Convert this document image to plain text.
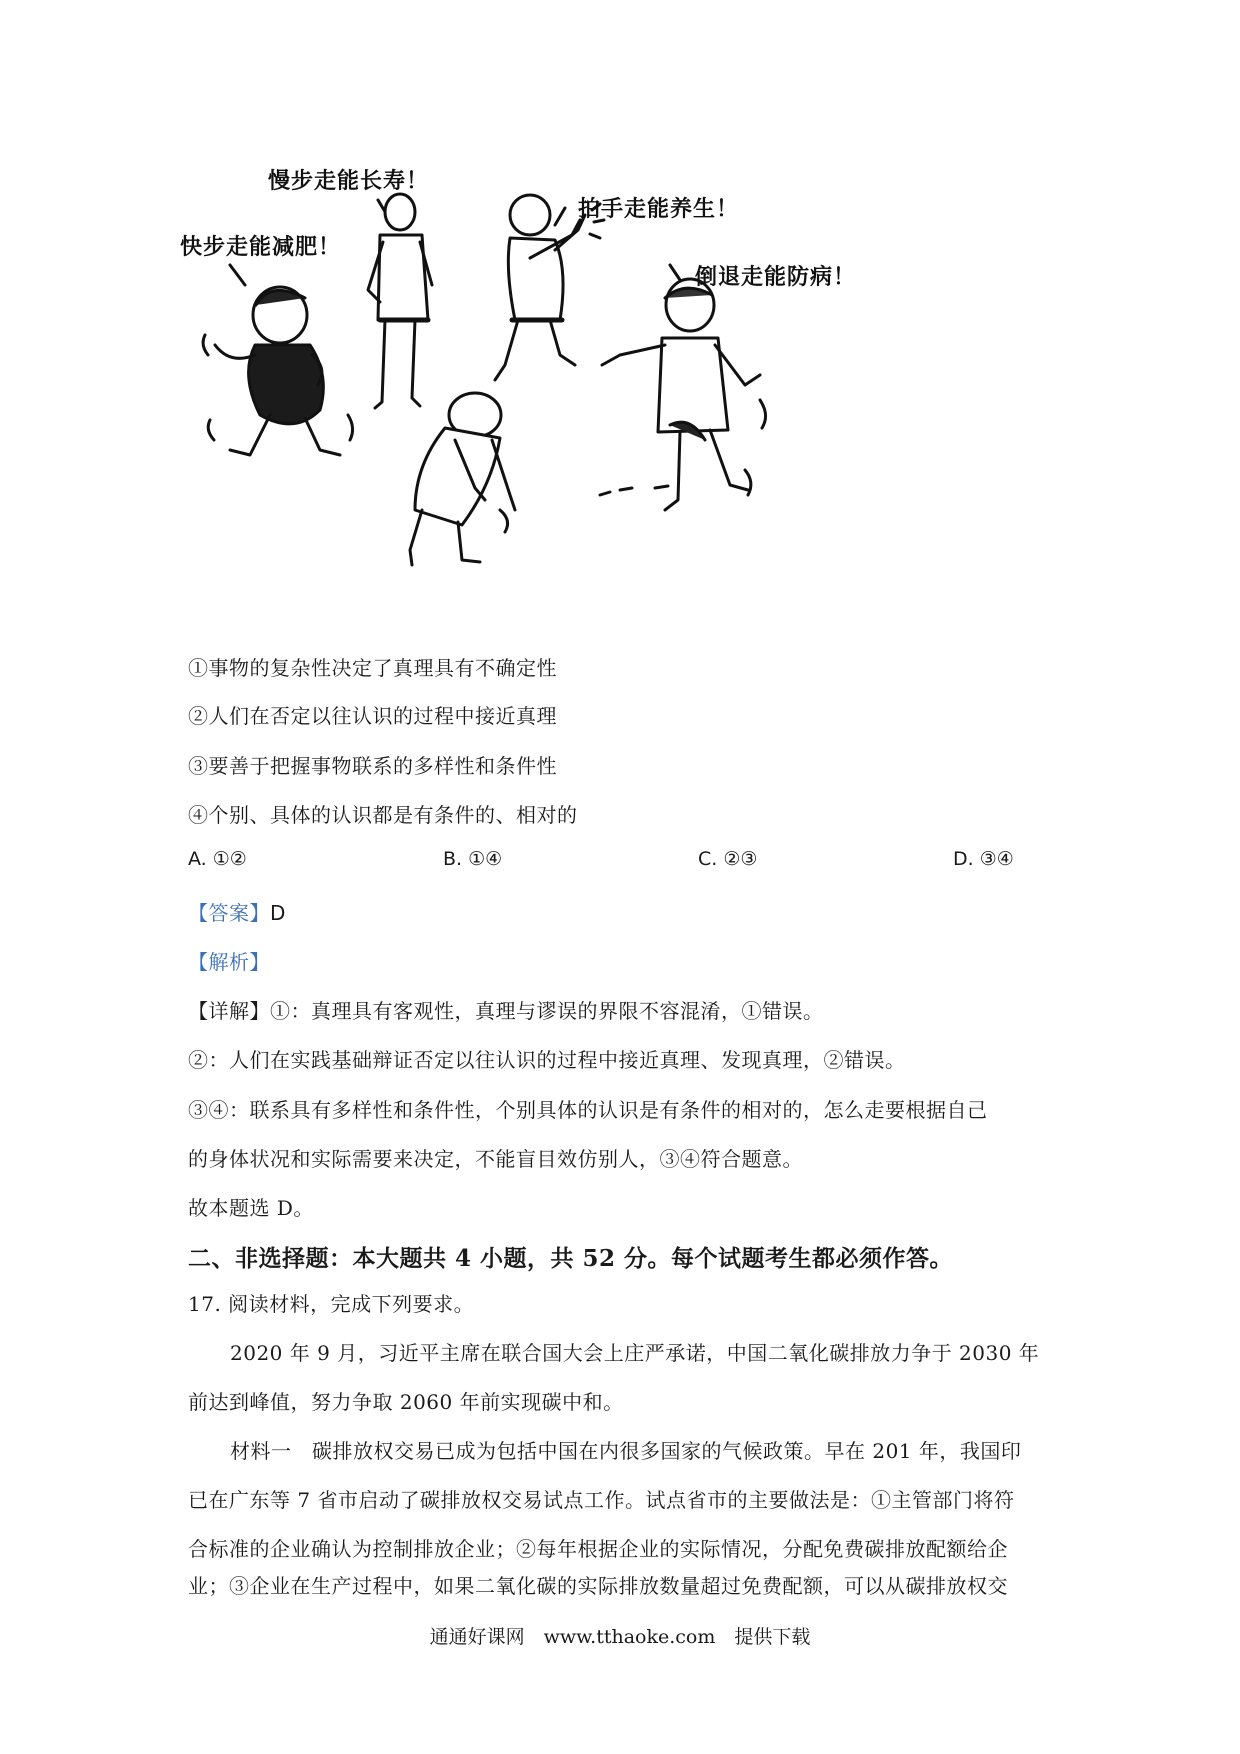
快步走能减肥！
慢步走能长寿！
拍手走能养生！
倒退走能防病！
①事物的复杂性决定了真理具有不确定性
②人们在否定以往认识的过程中接近真理
③要善于把握事物联系的多样性和条件性
④个别、具体的认识都是有条件的、相对的
A. ①②	B. ①④	C. ②③	D. ③④
【答案】D
【解析】
【详解】①：真理具有客观性，真理与谬误的界限不容混淆，①错误。
②：人们在实践基础辩证否定以往认识的过程中接近真理、发现真理，②错误。
③④：联系具有多样性和条件性，个别具体的认识是有条件的相对的，怎么走要根据自己
的身体状况和实际需要来决定，不能盲目效仿别人，③④符合题意。
故本题选 D。
二、非选择题：本大题共 4 小题，共 52 分。每个试题考生都必须作答。
17. 阅读材料，完成下列要求。
2020 年 9 月，习近平主席在联合国大会上庄严承诺，中国二氧化碳排放力争于 2030 年
前达到峰值，努力争取 2060 年前实现碳中和。
材料一　碳排放权交易已成为包括中国在内很多国家的气候政策。早在 201 年，我国印
已在广东等 7 省市启动了碳排放权交易试点工作。试点省市的主要做法是：①主管部门将符
合标准的企业确认为控制排放企业；②每年根据企业的实际情况，分配免费碳排放配额给企
业；③企业在生产过程中，如果二氧化碳的实际排放数量超过免费配额，可以从碳排放权交
通通好课网　www.tthaoke.com　提供下载
